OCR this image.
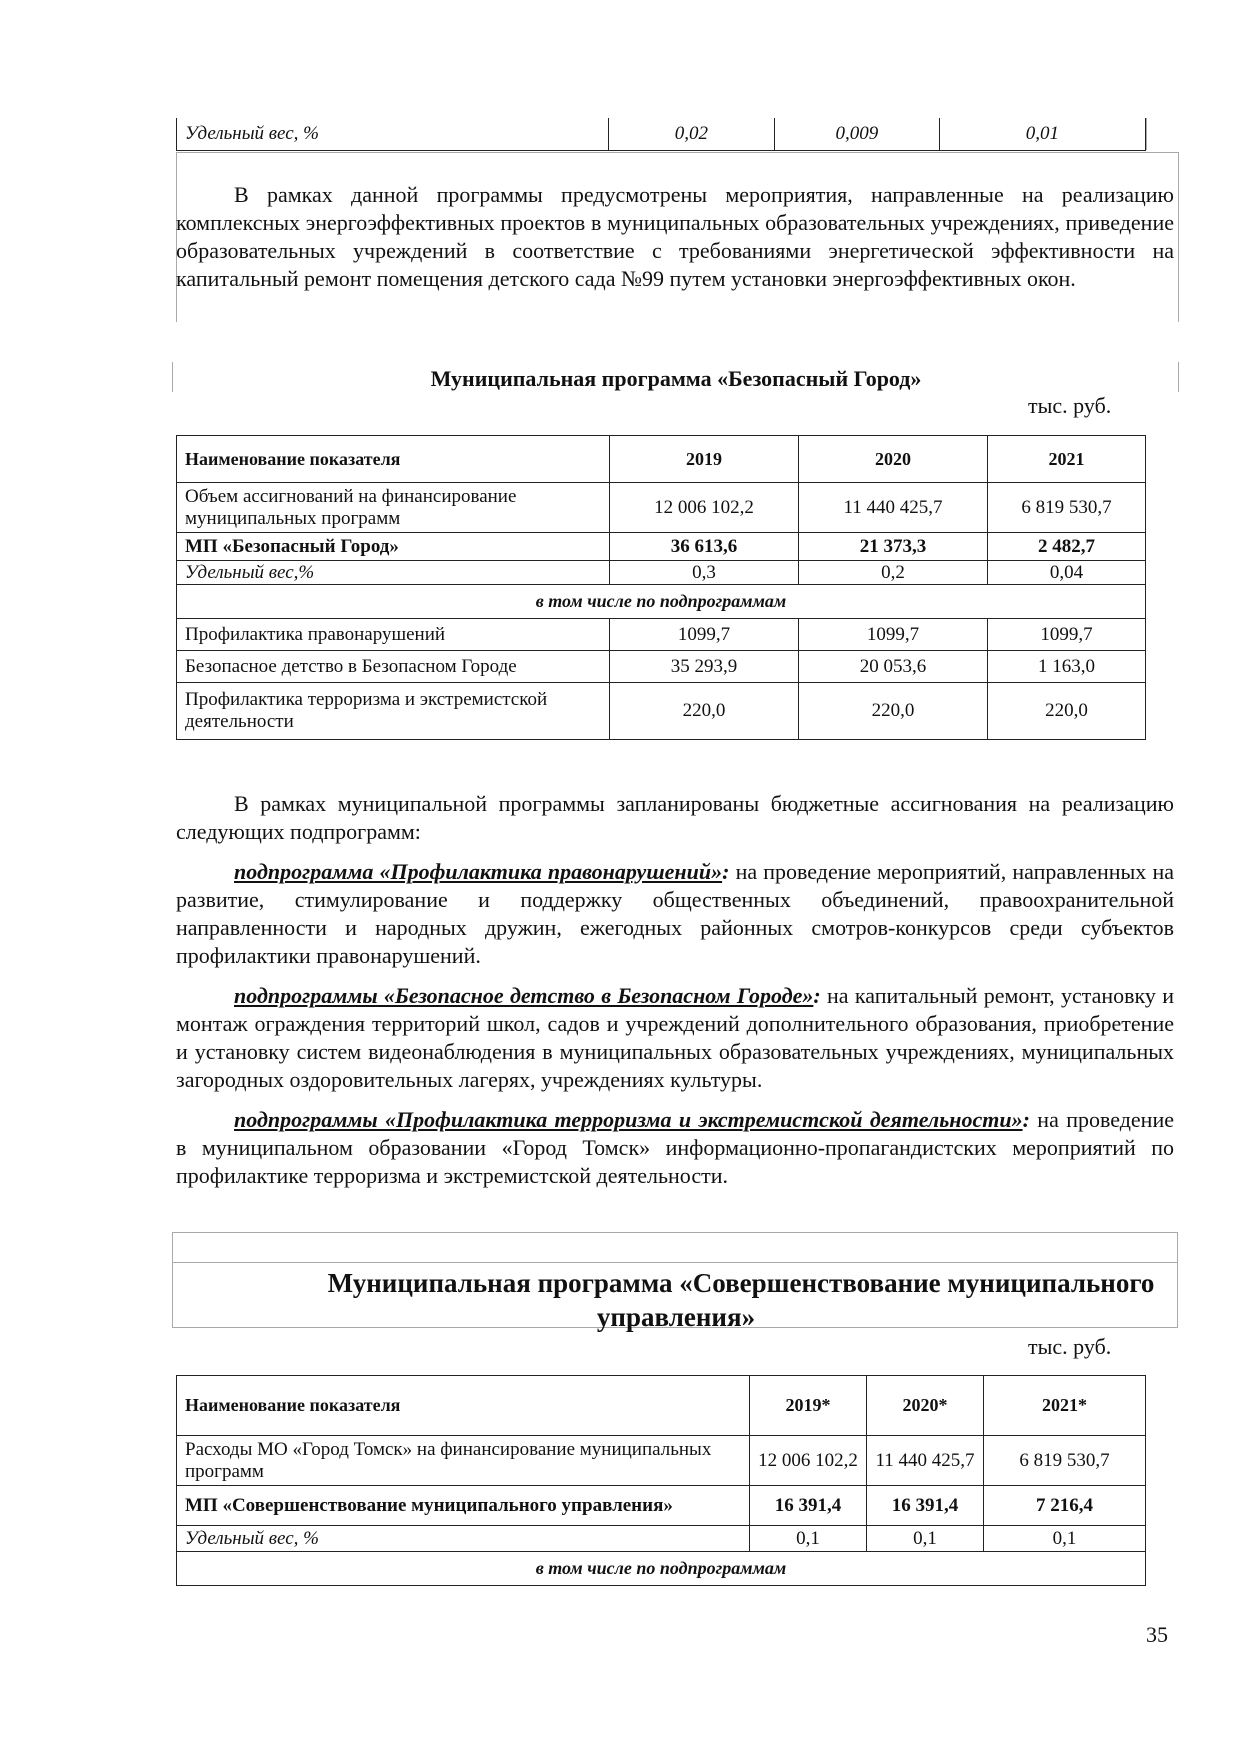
Удельный вес, %	0,02	0,009	0,01
В рамках данной программы предусмотрены мероприятия, направленные на реализацию комплексных энергоэффективных проектов в муниципальных образовательных учреждениях, приведение образовательных учреждений в соответствие с требованиями энергетической эффективности на капитальный ремонт помещения детского сада №99 путем установки энергоэффективных окон.
Муниципальная программа «Безопасный Город»
тыс. руб.
Наименование показателя	2019	2020	2021
Объем ассигнований на финансирование муниципальных программ	12 006 102,2	11 440 425,7	6 819 530,7
МП «Безопасный Город»	36 613,6	21 373,3	2 482,7
Удельный вес,%	0,3	0,2	0,04
в том числе по подпрограммам			
Профилактика правонарушений	1099,7	1099,7	1099,7
Безопасное детство в Безопасном Городе	35 293,9	20 053,6	1 163,0
Профилактика терроризма и экстремистской деятельности	220,0	220,0	220,0
В рамках муниципальной программы запланированы бюджетные ассигнования на реализацию следующих подпрограмм:
подпрограмма «Профилактика правонарушений»: на проведение мероприятий, направленных на развитие, стимулирование и поддержку общественных объединений, правоохранительной направленности и народных дружин, ежегодных районных смотров-конкурсов среди субъектов профилактики правонарушений.
подпрограммы «Безопасное детство в Безопасном Городе»: на капитальный ремонт, установку и монтаж ограждения территорий школ, садов и учреждений дополнительного образования, приобретение и установку систем видеонаблюдения в муниципальных образовательных учреждениях, муниципальных загородных оздоровительных лагерях, учреждениях культуры.
подпрограммы «Профилактика терроризма и экстремистской деятельности»: на проведение в муниципальном образовании «Город Томск» информационно-пропагандистских мероприятий по профилактике терроризма и экстремистской деятельности.
Муниципальная программа «Совершенствование муниципального
управления»
тыс. руб.
Наименование показателя	2019*	2020*	2021*
Расходы МО «Город Томск» на финансирование муниципальных программ	12 006 102,2	11 440 425,7	6 819 530,7
МП «Совершенствование муниципального управления»	16 391,4	16 391,4	7 216,4
Удельный вес, %	0,1	0,1	0,1
в том числе по подпрограммам			
35
